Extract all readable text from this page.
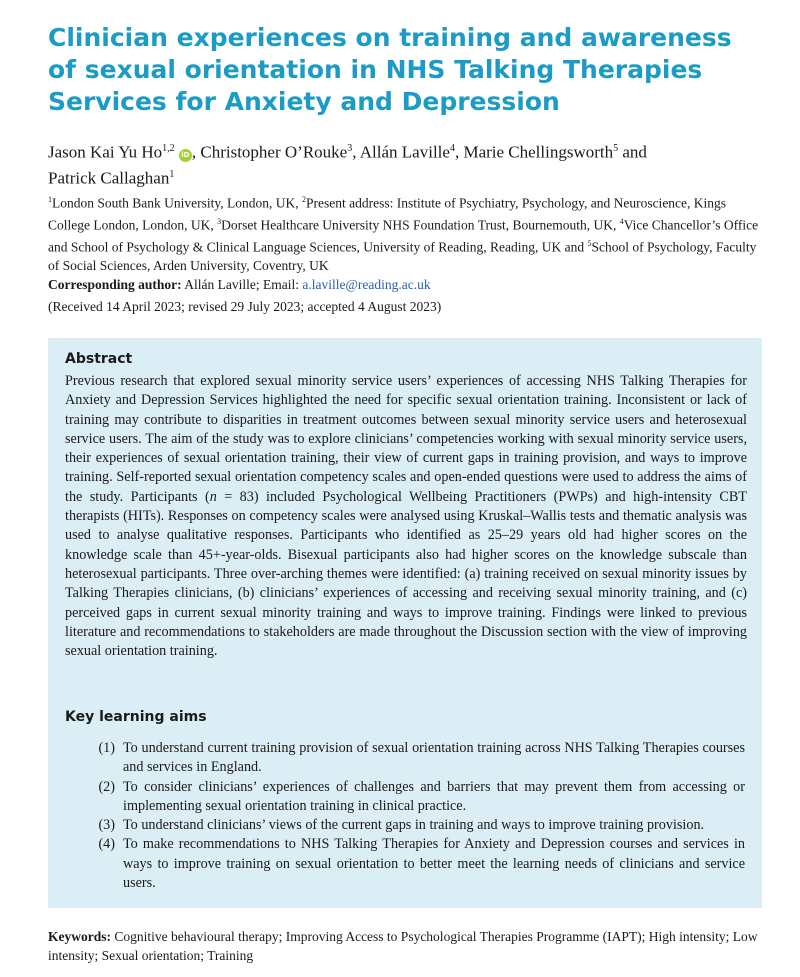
Clinician experiences on training and awareness of sexual orientation in NHS Talking Therapies Services for Anxiety and Depression
Jason Kai Yu Ho$^{1,2}$ iD , Christopher O’Rouke$^3$, Allán Laville$^4$, Marie Chellingsworth$^5$ and
Patrick Callaghan$^1$
$^1$London South Bank University, London, UK, $^2$Present address: Institute of Psychiatry, Psychology, and Neuroscience, Kings College London, London, UK, $^3$Dorset Healthcare University NHS Foundation Trust, Bournemouth, UK, $^4$Vice Chancellor’s Office and School of Psychology & Clinical Language Sciences, University of Reading, Reading, UK and $^5$School of Psychology, Faculty of Social Sciences, Arden University, Coventry, UK
Corresponding author: Allán Laville; Email: a.laville@reading.ac.uk
(Received 14 April 2023; revised 29 July 2023; accepted 4 August 2023)
Abstract
Previous research that explored sexual minority service users’ experiences of accessing NHS Talking Therapies for Anxiety and Depression Services highlighted the need for specific sexual orientation training. Inconsistent or lack of training may contribute to disparities in treatment outcomes between sexual minority service users and heterosexual service users. The aim of the study was to explore clinicians’ competencies working with sexual minority service users, their experiences of sexual orientation training, their view of current gaps in training provision, and ways to improve training. Self-reported sexual orientation competency scales and open-ended questions were used to address the aims of the study. Participants (n = 83) included Psychological Wellbeing Practitioners (PWPs) and high-intensity CBT therapists (HITs). Responses on competency scales were analysed using Kruskal–Wallis tests and thematic analysis was used to analyse qualitative responses. Participants who identified as 25–29 years old had higher scores on the knowledge scale than 45+-year-olds. Bisexual participants also had higher scores on the knowledge subscale than heterosexual participants. Three over-arching themes were identified: (a) training received on sexual minority issues by Talking Therapies clinicians, (b) clinicians’ experiences of accessing and receiving sexual minority training, and (c) perceived gaps in current sexual minority training and ways to improve training. Findings were linked to previous literature and recommendations to stakeholders are made throughout the Discussion section with the view of improving sexual orientation training.
Key learning aims
(1) To understand current training provision of sexual orientation training across NHS Talking Therapies courses and services in England.
(2) To consider clinicians’ experiences of challenges and barriers that may prevent them from accessing or implementing sexual orientation training in clinical practice.
(3) To understand clinicians’ views of the current gaps in training and ways to improve training provision.
(4) To make recommendations to NHS Talking Therapies for Anxiety and Depression courses and services in ways to improve training on sexual orientation to better meet the learning needs of clinicians and service users.
Keywords: Cognitive behavioural therapy; Improving Access to Psychological Therapies Programme (IAPT); High intensity; Low intensity; Sexual orientation; Training
